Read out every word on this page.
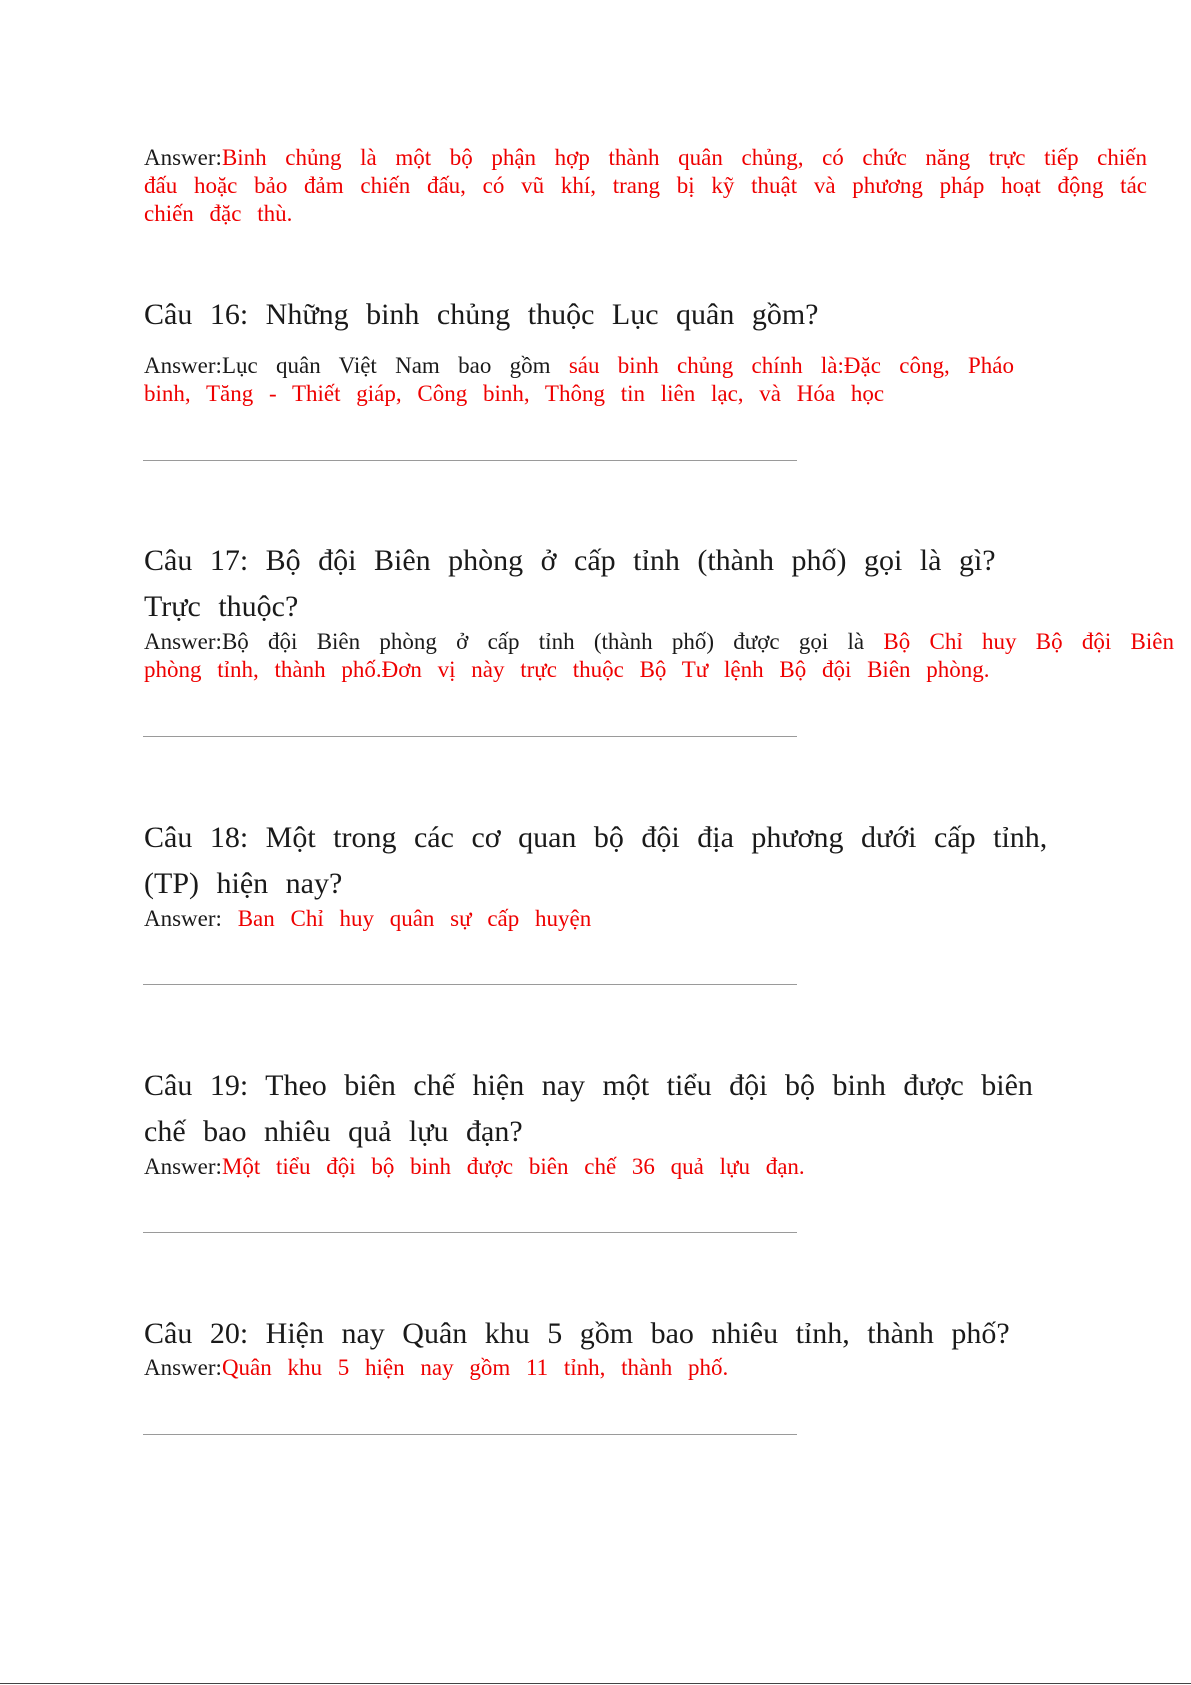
Answer:Binh chủng là một bộ phận hợp thành quân chủng, có chức năng trực tiếp chiến đấu hoặc bảo đảm chiến đấu, có vũ khí, trang bị kỹ thuật và phương pháp hoạt động tác chiến đặc thù.
Câu 16: Những binh chủng thuộc Lục quân gồm?
Answer:Lục quân Việt Nam bao gồm sáu binh chủng chính là:Đặc công, Pháo binh, Tăng - Thiết giáp, Công binh, Thông tin liên lạc, và Hóa học
Câu 17: Bộ đội Biên phòng ở cấp tỉnh (thành phố) gọi là gì?Trực thuộc?
Answer:Bộ đội Biên phòng ở cấp tỉnh (thành phố) được gọi là Bộ Chỉ huy Bộ đội Biên phòng tỉnh, thành phố.Đơn vị này trực thuộc Bộ Tư lệnh Bộ đội Biên phòng.
Câu 18: Một trong các cơ quan bộ đội địa phương dưới cấp tỉnh, (TP) hiện nay?
Answer: Ban Chỉ huy quân sự cấp huyện
Câu 19: Theo biên chế hiện nay một tiểu đội bộ binh được biên chế bao nhiêu quả lựu đạn?
Answer:Một tiểu đội bộ binh được biên chế 36 quả lựu đạn.
Câu 20: Hiện nay Quân khu 5 gồm bao nhiêu tỉnh, thành phố?
Answer:Quân khu 5 hiện nay gồm 11 tỉnh, thành phố.
